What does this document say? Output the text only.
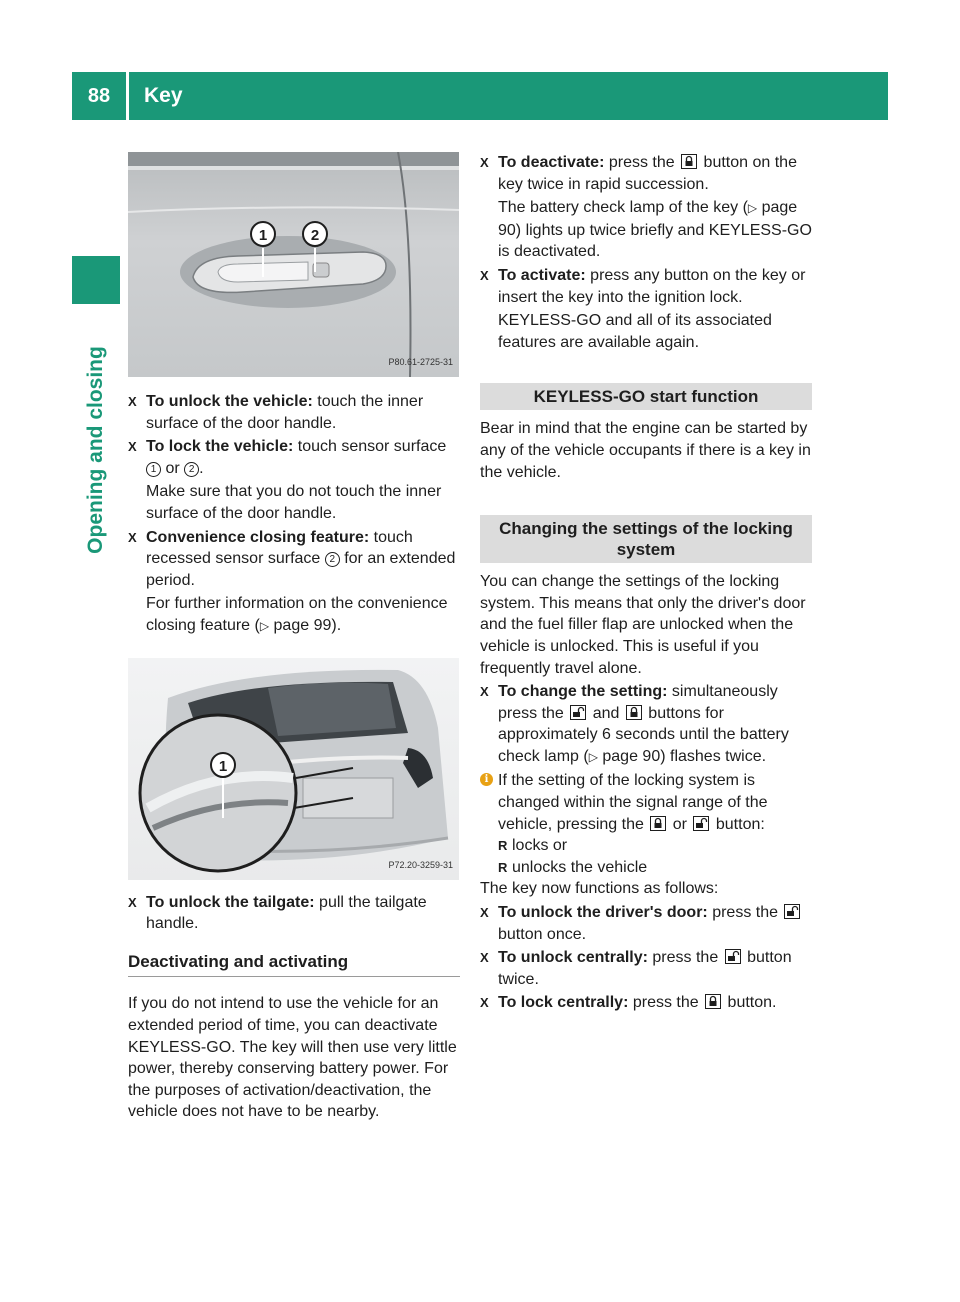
88	Key
Opening and closing
1	2
P80.61-2725-31
X To unlock the vehicle: touch the inner surface of the door handle.
X To lock the vehicle: touch sensor surface 1 or 2 .
Make sure that you do not touch the inner surface of the door handle.
X Convenience closing feature: touch recessed sensor surface 2 for an extended period.
For further information on the convenience closing feature (▷ page 99).
1
P72.20-3259-31
X To unlock the tailgate: pull the tailgate handle.
Deactivating and activating
If you do not intend to use the vehicle for an extended period of time, you can deactivate KEYLESS-GO. The key will then use very little power, thereby conserving battery power. For the purposes of activation/deactivation, the vehicle does not have to be nearby.
X To deactivate: press the  button on the key twice in rapid succession.
The battery check lamp of the key (▷ page 90) lights up twice briefly and KEYLESS-GO is deactivated.
X To activate: press any button on the key or insert the key into the ignition lock.
KEYLESS-GO and all of its associated features are available again.
KEYLESS-GO start function
Bear in mind that the engine can be started by any of the vehicle occupants if there is a key in the vehicle.
Changing the settings of the locking system
You can change the settings of the locking system. This means that only the driver's door and the fuel filler flap are unlocked when the vehicle is unlocked. This is useful if you frequently travel alone.
X To change the setting: simultaneously press the  and  buttons for approximately 6 seconds until the battery check lamp (▷ page 90) flashes twice.
i If the setting of the locking system is changed within the signal range of the vehicle, pressing the  or  button:
R locks or
R unlocks the vehicle
The key now functions as follows:
X To unlock the driver's door: press the  button once.
X To unlock centrally: press the  button twice.
X To lock centrally: press the  button.
